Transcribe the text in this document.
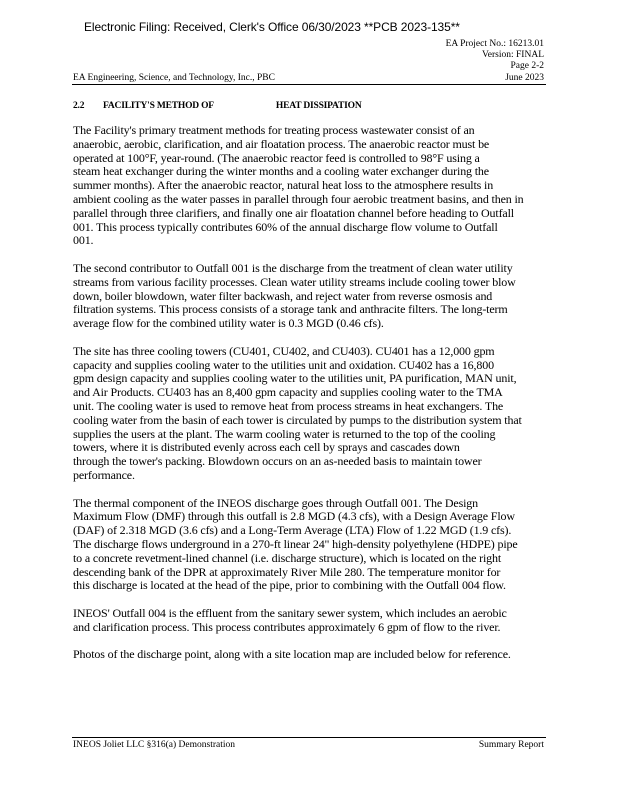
Electronic Filing: Received, Clerk's Office 06/30/2023 **PCB 2023-135**
EA Project No.: 16213.01
Version: FINAL
Page 2-2
EA Engineering, Science, and Technology, Inc., PBC	June 2023
2.2 FACILITY'S METHOD OF	HEAT DISSIPATION

The Facility's primary treatment methods for treating process wastewater consist of an
anaerobic, aerobic, clarification, and air floatation process. The anaerobic reactor must be
operated at 100°F, year-round. (The anaerobic reactor feed is controlled to 98°F using a
steam heat exchanger during the winter months and a cooling water exchanger during the
summer months). After the anaerobic reactor, natural heat loss to the atmosphere results in
ambient cooling as the water passes in parallel through four aerobic treatment basins, and then in
parallel through three clarifiers, and finally one air floatation channel before heading to Outfall
001. This process typically contributes 60% of the annual discharge flow volume to Outfall
001.

The second contributor to Outfall 001 is the discharge from the treatment of clean water utility
streams from various facility processes. Clean water utility streams include cooling tower blow
down, boiler blowdown, water filter backwash, and reject water from reverse osmosis and
filtration systems. This process consists of a storage tank and anthracite filters. The long-term
average flow for the combined utility water is 0.3 MGD (0.46 cfs).

The site has three cooling towers (CU401, CU402, and CU403). CU401 has a 12,000 gpm
capacity and supplies cooling water to the utilities unit and oxidation. CU402 has a 16,800
gpm design capacity and supplies cooling water to the utilities unit, PA purification, MAN unit,
and Air Products. CU403 has an 8,400 gpm capacity and supplies cooling water to the TMA
unit. The cooling water is used to remove heat from process streams in heat exchangers. The
cooling water from the basin of each tower is circulated by pumps to the distribution system that
supplies the users at the plant. The warm cooling water is returned to the top of the cooling
towers, where it is distributed evenly across each cell by sprays and cascades down
through the tower's packing. Blowdown occurs on an as-needed basis to maintain tower
performance.

The thermal component of the INEOS discharge goes through Outfall 001. The Design
Maximum Flow (DMF) through this outfall is 2.8 MGD (4.3 cfs), with a Design Average Flow
(DAF) of 2.318 MGD (3.6 cfs) and a Long-Term Average (LTA) Flow of 1.22 MGD (1.9 cfs).
The discharge flows underground in a 270-ft linear 24" high-density polyethylene (HDPE) pipe
to a concrete revetment-lined channel (i.e. discharge structure), which is located on the right
descending bank of the DPR at approximately River Mile 280. The temperature monitor for
this discharge is located at the head of the pipe, prior to combining with the Outfall 004 flow.

INEOS' Outfall 004 is the effluent from the sanitary sewer system, which includes an aerobic
and clarification process. This process contributes approximately 6 gpm of flow to the river.

Photos of the discharge point, along with a site location map are included below for reference.

INEOS Joliet LLC §316(a) Demonstration	Summary Report
